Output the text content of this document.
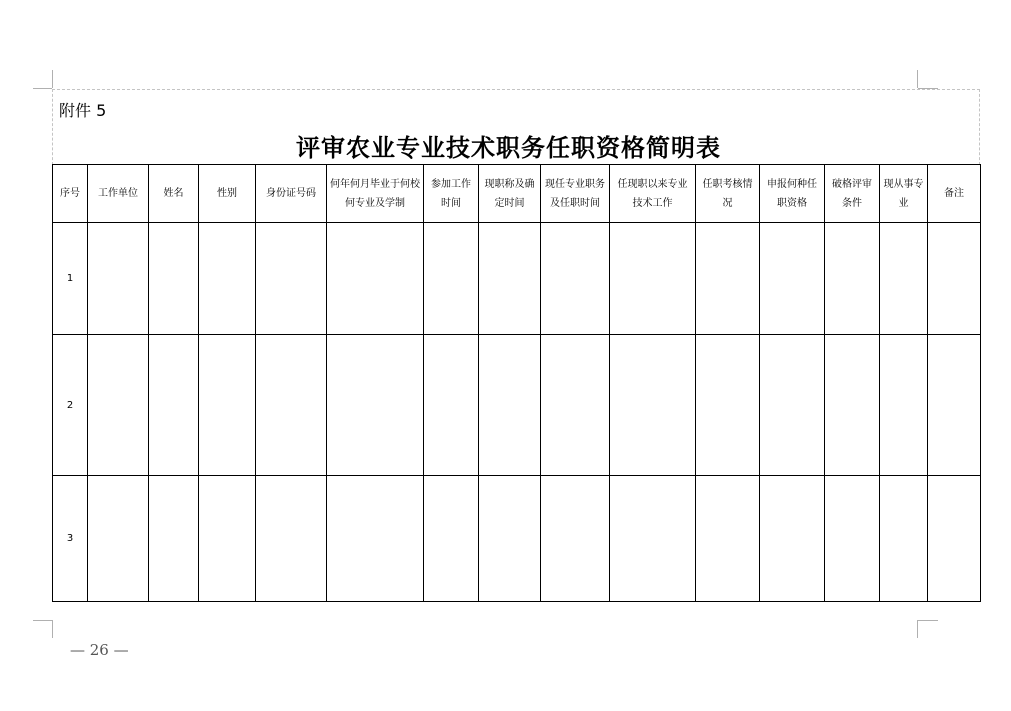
附件 5
评审农业专业技术职务任职资格简明表
序号	工作单位	姓名	性别	身份证号码	何年何月毕业于何校何专业及学制	参加工作时间	现职称及确定时间	现任专业职务及任职时间	任现职以来专业技术工作	任职考核情况	申报何种任职资格	破格评审条件	现从事专业	备注
1														
2														
3														
— 26 —
